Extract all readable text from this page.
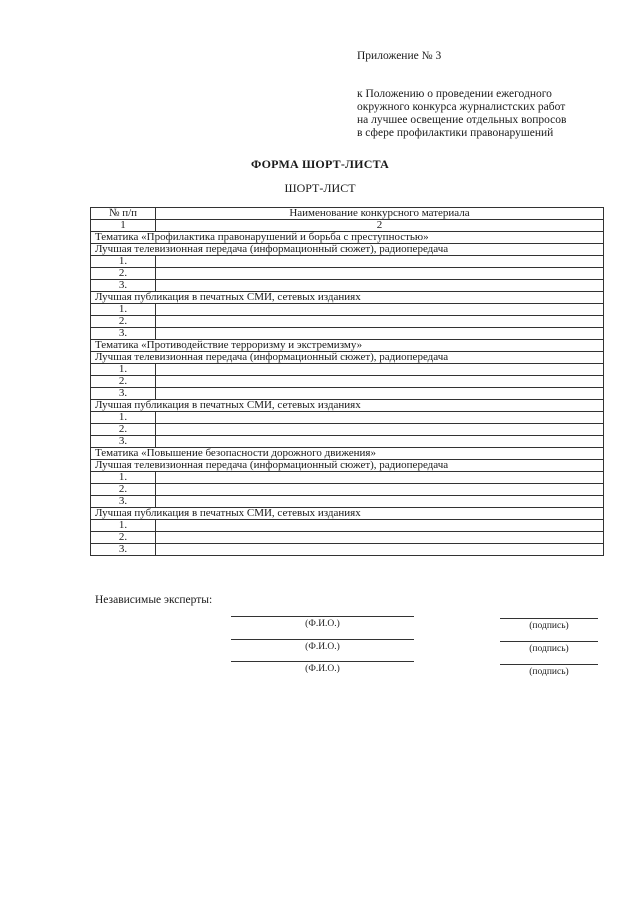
Приложение № 3
к Положению о проведении ежегодного
окружного конкурса журналистских работ
на лучшее освещение отдельных вопросов
в сфере профилактики правонарушений
ФОРМА ШОРТ-ЛИСТА
ШОРТ-ЛИСТ
№ п/п	Наименование конкурсного материала
1	2
Тематика «Профилактика правонарушений и борьба с преступностью»	
Лучшая телевизионная передача (информационный сюжет), радиопередача	
1.	
2.	
3.	
Лучшая публикация в печатных СМИ, сетевых изданиях	
1.	
2.	
3.	
Тематика «Противодействие терроризму и экстремизму»	
Лучшая телевизионная передача (информационный сюжет), радиопередача	
1.	
2.	
3.	
Лучшая публикация в печатных СМИ, сетевых изданиях	
1.	
2.	
3.	
Тематика «Повышение безопасности дорожного движения»	
Лучшая телевизионная передача (информационный сюжет), радиопередача	
1.	
2.	
3.	
Лучшая публикация в печатных СМИ, сетевых изданиях	
1.	
2.	
3.	
Независимые эксперты:
(Ф.И.О.)	(подпись)
(Ф.И.О.)	(подпись)
(Ф.И.О.)	(подпись)
